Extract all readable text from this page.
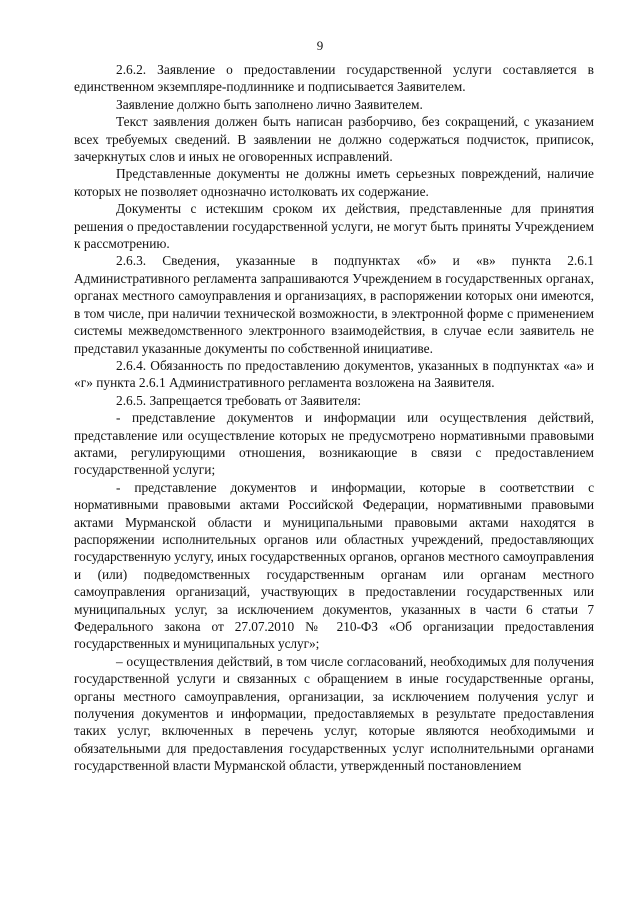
9

2.6.2. Заявление о предоставлении государственной услуги составляется в единственном экземпляре-подлиннике и подписывается Заявителем.

Заявление должно быть заполнено лично Заявителем.

Текст заявления должен быть написан разборчиво, без сокращений, с указанием всех требуемых сведений. В заявлении не должно содержаться подчисток, приписок, зачеркнутых слов и иных не оговоренных исправлений.

Представленные документы не должны иметь серьезных повреждений, наличие которых не позволяет однозначно истолковать их содержание.

Документы с истекшим сроком их действия, представленные для принятия решения о предоставлении государственной услуги, не могут быть приняты Учреждением к рассмотрению.

2.6.3. Сведения, указанные в подпунктах «б» и «в» пункта 2.6.1 Административного регламента запрашиваются Учреждением в государственных органах, органах местного самоуправления и организациях, в распоряжении которых они имеются, в том числе, при наличии технической возможности, в электронной форме с применением системы межведомственного электронного взаимодействия, в случае если заявитель не представил указанные документы по собственной инициативе.

2.6.4. Обязанность по предоставлению документов, указанных в подпунктах «а» и «г» пункта 2.6.1 Административного регламента возложена на Заявителя.

2.6.5. Запрещается требовать от Заявителя:

- представление документов и информации или осуществления действий, представление или осуществление которых не предусмотрено нормативными правовыми актами, регулирующими отношения, возникающие в связи с предоставлением государственной услуги;

- представление документов и информации, которые в соответствии с нормативными правовыми актами Российской Федерации, нормативными правовыми актами Мурманской области и муниципальными правовыми актами находятся в распоряжении исполнительных органов или областных учреждений, предоставляющих государственную услугу, иных государственных органов, органов местного самоуправления и (или) подведомственных государственным органам или органам местного самоуправления организаций, участвующих в предоставлении государственных или муниципальных услуг, за исключением документов, указанных в части 6 статьи 7 Федерального закона от 27.07.2010 № 210-ФЗ «Об организации предоставления государственных и муниципальных услуг»;

– осуществления действий, в том числе согласований, необходимых для получения государственной услуги и связанных с обращением в иные государственные органы, органы местного самоуправления, организации, за исключением получения услуг и получения документов и информации, предоставляемых в результате предоставления таких услуг, включенных в перечень услуг, которые являются необходимыми и обязательными для предоставления государственных услуг исполнительными органами государственной власти Мурманской области, утвержденный постановлением
